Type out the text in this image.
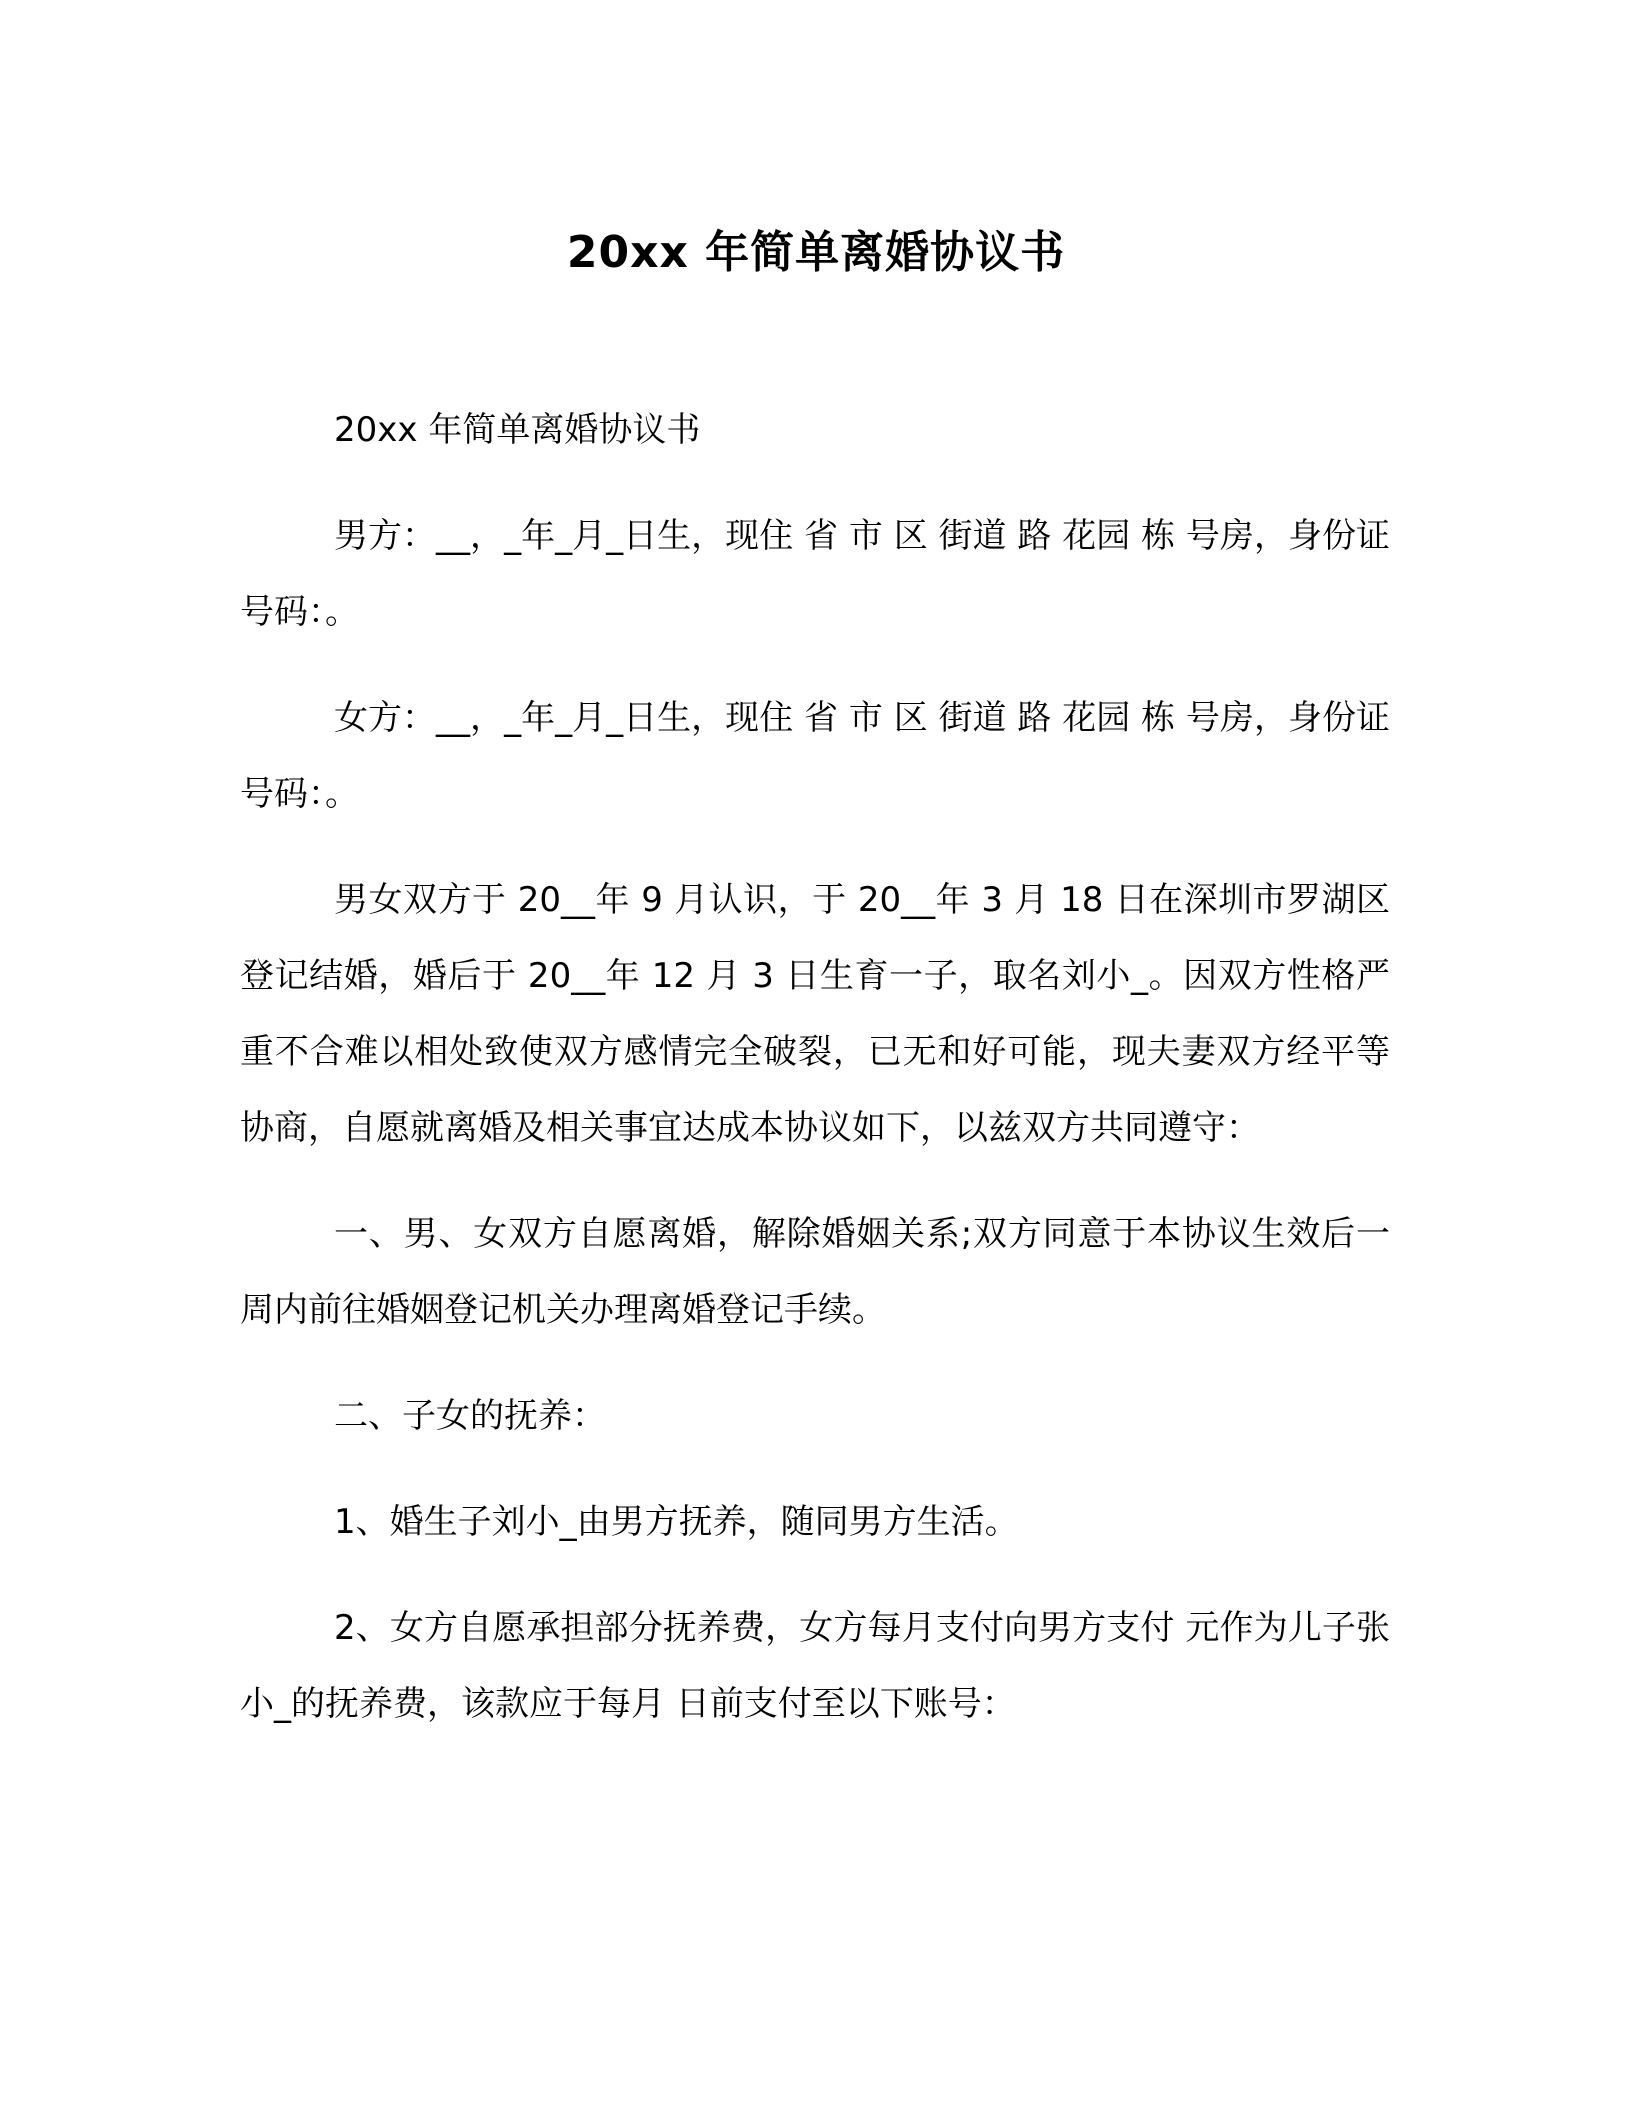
20xx 年简单离婚协议书

20xx 年简单离婚协议书

男方：__，_年_月_日生，现住 省 市 区 街道 路 花园 栋 号房，身份证号码：。

女方：__，_年_月_日生，现住 省 市 区 街道 路 花园 栋 号房，身份证号码：。

男女双方于 20__年 9 月认识，于 20__年 3 月 18 日在深圳市罗湖区登记结婚，婚后于 20__年 12 月 3 日生育一子，取名刘小_。因双方性格严重不合难以相处致使双方感情完全破裂，已无和好可能，现夫妻双方经平等协商，自愿就离婚及相关事宜达成本协议如下，以兹双方共同遵守：

一、男、女双方自愿离婚，解除婚姻关系;双方同意于本协议生效后一周内前往婚姻登记机关办理离婚登记手续。

二、子女的抚养：

1、婚生子刘小_由男方抚养，随同男方生活。

2、女方自愿承担部分抚养费，女方每月支付向男方支付 元作为儿子张小_的抚养费，该款应于每月 日前支付至以下账号：
